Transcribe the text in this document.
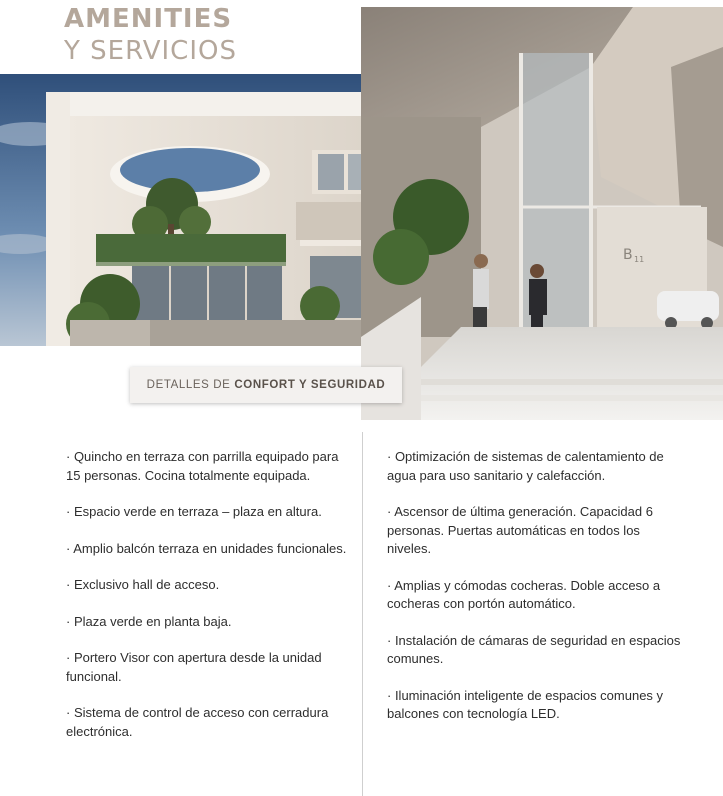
AMENITIES
Y SERVICIOS
B 11
DETALLES DE CONFORT Y SEGURIDAD

· Quincho en terraza con parrilla equipado para 15 personas. Cocina totalmente equipada.

· Espacio verde en terraza – plaza en altura.

· Amplio balcón terraza en unidades funcionales.

· Exclusivo hall de acceso.

· Plaza verde en planta baja.

· Portero Visor con apertura desde la unidad funcional.

· Sistema de control de acceso con cerradura electrónica.

· Optimización de sistemas de calentamiento de agua para uso sanitario y calefacción.

· Ascensor de última generación. Capacidad 6 personas. Puertas automáticas en todos los niveles.

· Amplias y cómodas cocheras. Doble acceso a cocheras con portón automático.

· Instalación de cámaras de seguridad en espacios comunes.

· Iluminación inteligente de espacios comunes y balcones con tecnología LED.
